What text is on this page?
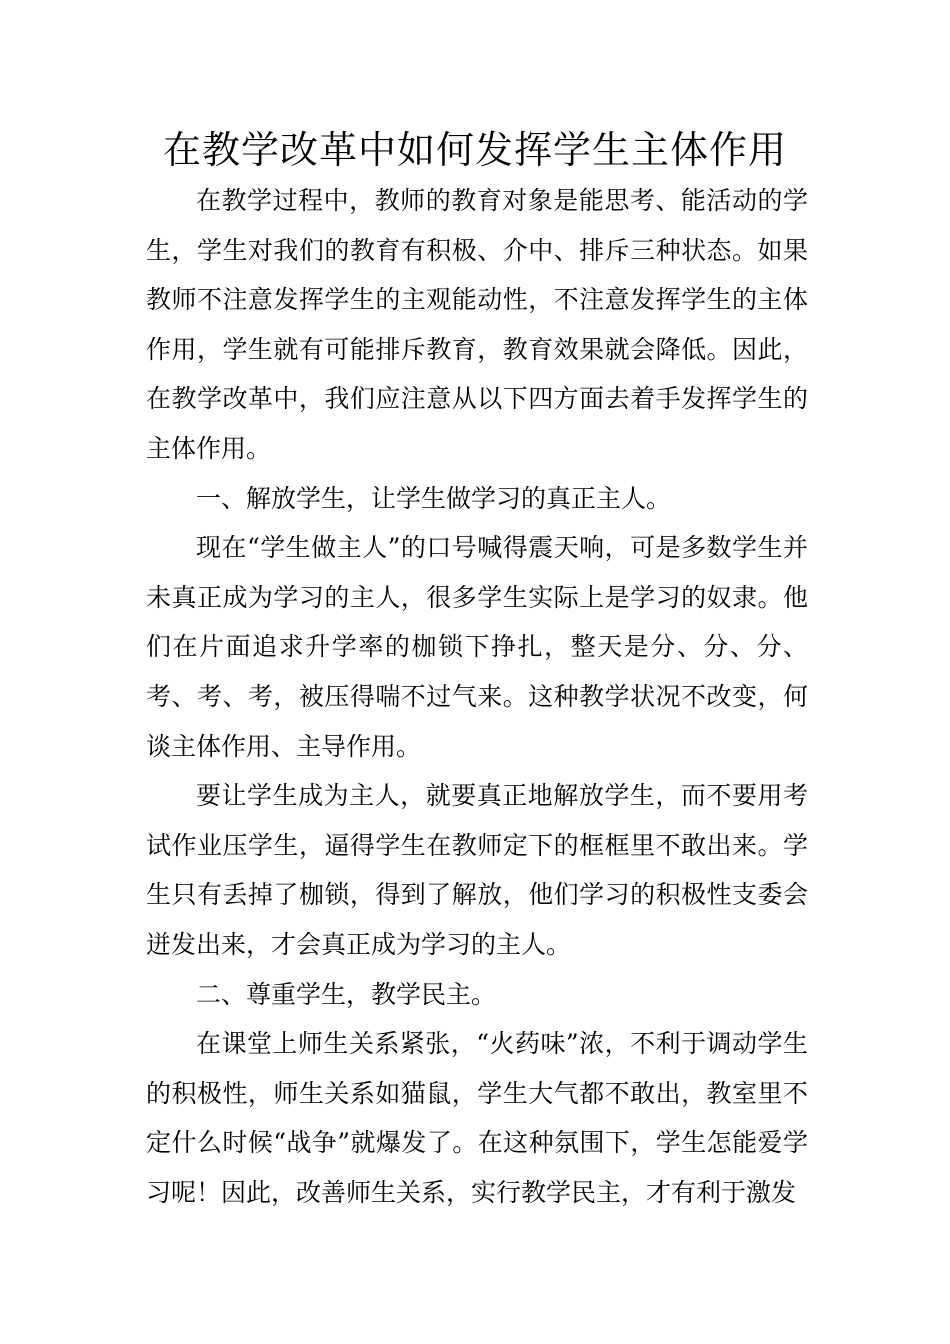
在教学改革中如何发挥学生主体作用

在教学过程中，教师的教育对象是能思考、能活动的学生，学生对我们的教育有积极、介中、排斥三种状态。如果教师不注意发挥学生的主观能动性，不注意发挥学生的主体作用，学生就有可能排斥教育，教育效果就会降低。因此，在教学改革中，我们应注意从以下四方面去着手发挥学生的主体作用。

一、解放学生，让学生做学习的真正主人。

现在“学生做主人”的口号喊得震天响，可是多数学生并未真正成为学习的主人，很多学生实际上是学习的奴隶。他们在片面追求升学率的枷锁下挣扎，整天是分、分、分、考、考、考，被压得喘不过气来。这种教学状况不改变，何谈主体作用、主导作用。

要让学生成为主人，就要真正地解放学生，而不要用考试作业压学生，逼得学生在教师定下的框框里不敢出来。学生只有丢掉了枷锁，得到了解放，他们学习的积极性支委会迸发出来，才会真正成为学习的主人。

二、尊重学生，教学民主。

在课堂上师生关系紧张，“火药味”浓，不利于调动学生的积极性，师生关系如猫鼠，学生大气都不敢出，教室里不定什么时候“战争”就爆发了。在这种氛围下，学生怎能爱学习呢！因此，改善师生关系，实行教学民主，才有利于激发
